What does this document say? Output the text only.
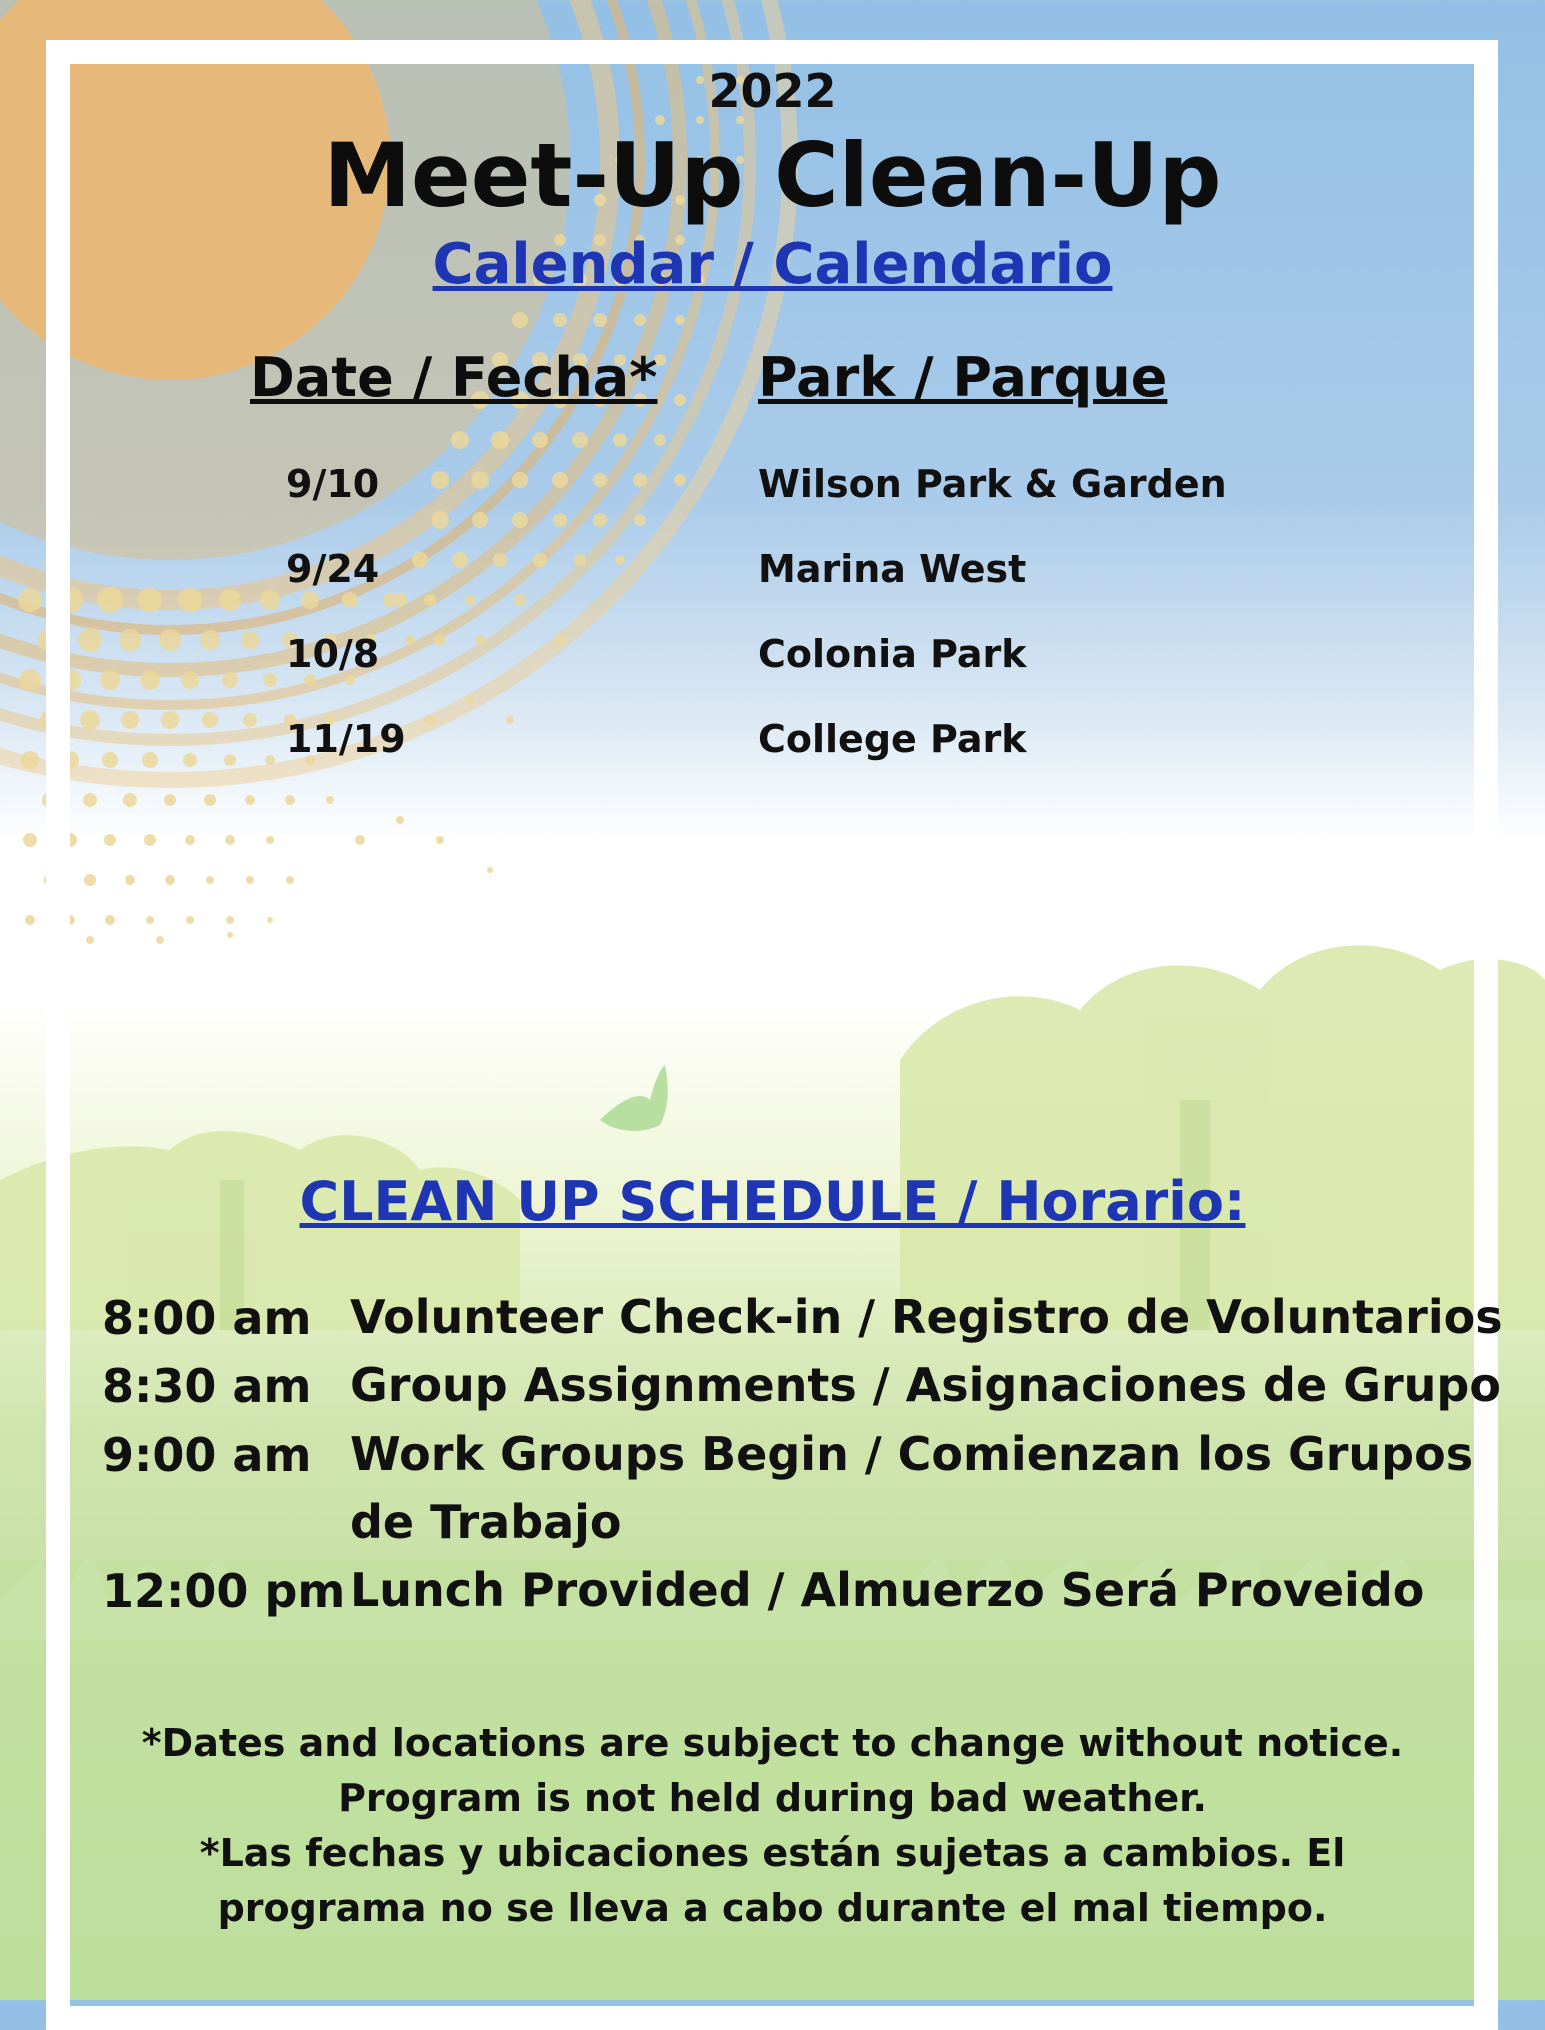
2022
Meet-Up Clean-Up
Calendar / Calendario
Date / Fecha* Park / Parque
9/10	Wilson Park & Garden
9/24	Marina West
10/8	Colonia Park
11/19	College Park
CLEAN UP SCHEDULE / Horario:
8:00 am Volunteer Check-in / Registro de Voluntarios
8:30 am Group Assignments / Asignaciones de Grupo
9:00 am Work Groups Begin / Comienzan los Grupos
de Trabajo
12:00 pm Lunch Provided / Almuerzo Será Proveido
*Dates and locations are subject to change without notice.
Program is not held during bad weather.
*Las fechas y ubicaciones están sujetas a cambios. El
programa no se lleva a cabo durante el mal tiempo.
